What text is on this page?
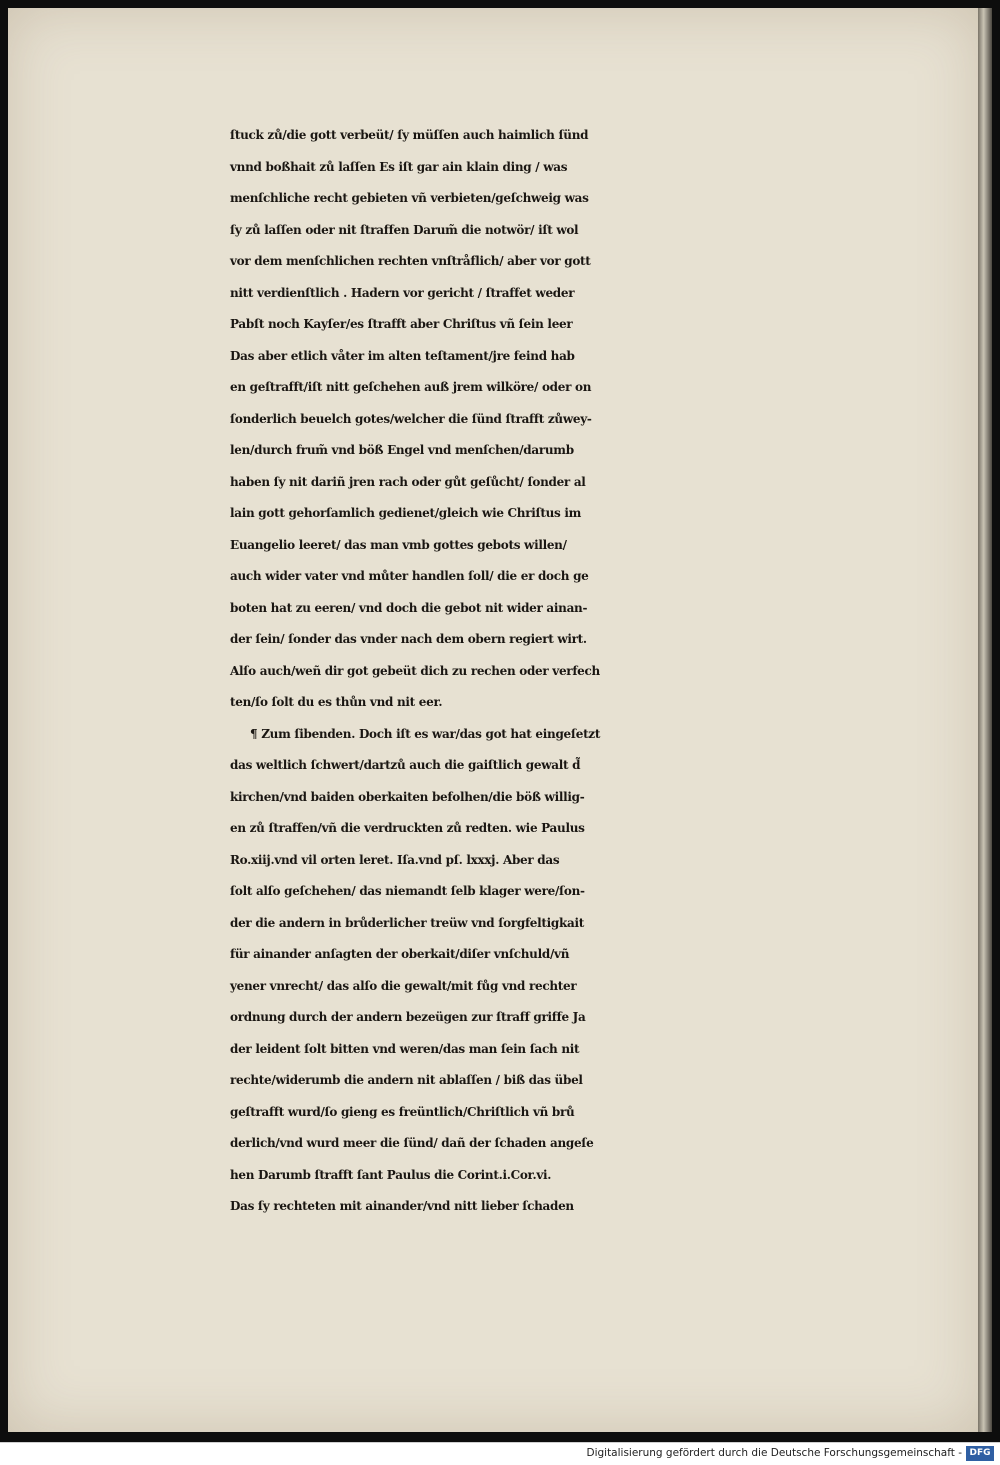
ſtuck zů/die gott verbeüt/ ſy müſſen auch haimlich ſünd
vnnd boßhait zů laſſen Es iſt gar ain klain ding / was
menſchliche recht gebieten vñ verbieten/geſchweig was
ſy zů laſſen oder nit ſtraffen Darum̃ die notwör/ iſt wol
vor dem menſchlichen rechten vnſtråflich/ aber vor gott
nitt verdienſtlich . Hadern vor gericht / ſtraffet weder
Pabſt noch Kayſer/es ſtrafft aber Chriſtus vñ ſein leer
Das aber etlich våter im alten teſtament/jre feind hab
en geſtrafft/iſt nitt geſchehen auß jrem wilköre/ oder on
ſonderlich beuelch gotes/welcher die ſünd ſtrafft zůwey-
len/durch frum̃ vnd böß Engel vnd menſchen/darumb
haben ſy nit dariñ jren rach oder gůt geſůcht/ ſonder al
lain gott gehorſamlich gedienet/gleich wie Chriſtus im
Euangelio leeret/ das man vmb gottes gebots willen/
auch wider vater vnd můter handlen ſoll/ die er doch ge
boten hat zu eeren/ vnd doch die gebot nit wider ainan-
der ſein/ ſonder das vnder nach dem obern regiert wirt.
Alſo auch/weñ dir got gebeüt dich zu rechen oder verfech
ten/ſo ſolt du es thůn vnd nit eer.
¶ Zum ſibenden. Doch iſt es war/das got hat eingeſetzt
das weltlich ſchwert/dartzů auch die gaiſtlich gewalt d̃
kirchen/vnd baiden oberkaiten befolhen/die böß willig-
en zů ſtraffen/vñ die verdruckten zů redten. wie Paulus
Ro.xiij.vnd vil orten leret. Iſa.vnd pſ. lxxxj. Aber das
ſolt alſo geſchehen/ das niemandt ſelb klager were/ſon-
der die andern in brůderlicher treüw vnd ſorgfeltigkait
für ainander anſagten der oberkait/diſer vnſchuld/vñ
yener vnrecht/ das alſo die gewalt/mit fůg vnd rechter
ordnung durch der andern bezeügen zur ſtraff griffe Ja
der leident ſolt bitten vnd weren/das man ſein ſach nit
rechte/widerumb die andern nit ablaſſen / biß das übel
geſtrafft wurd/ſo gieng es freüntlich/Chriſtlich vñ brů
derlich/vnd wurd meer die ſünd/ dañ der ſchaden angeſe
hen Darumb ſtrafft ſant Paulus die Corint.i.Cor.vi.
Das ſy rechteten mit ainander/vnd nitt lieber ſchaden
Digitalisierung gefördert durch die Deutsche Forschungsgemeinschaft - DFG
